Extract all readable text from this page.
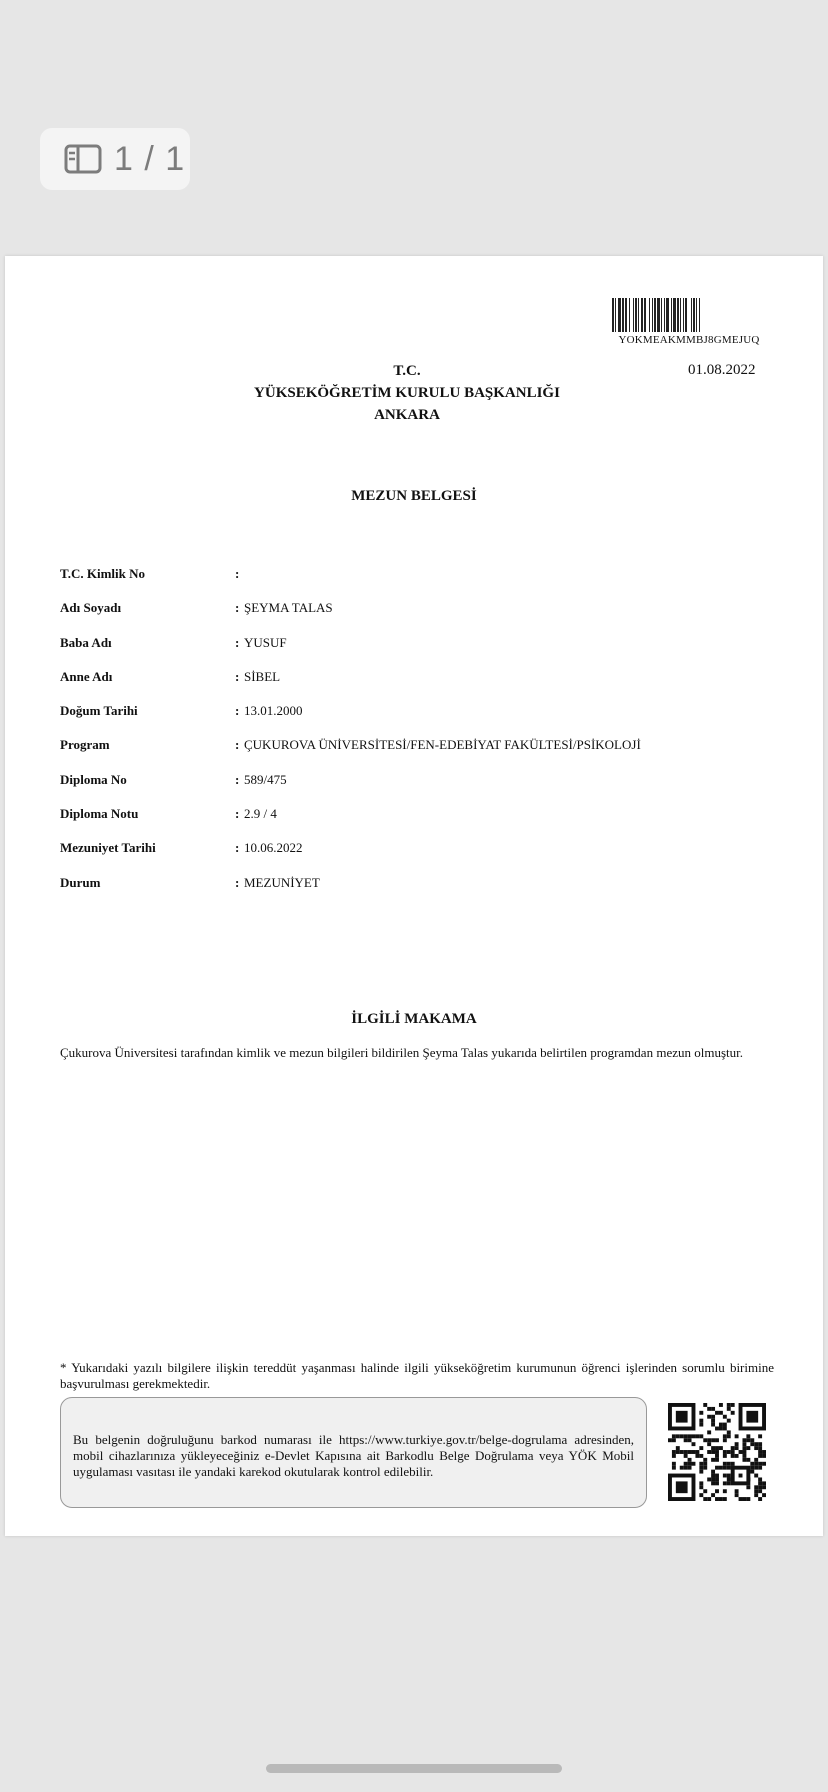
1 / 1
YOKMEAKMMBJ8GMEJUQ
01.08.2022
T.C.
YÜKSEKÖĞRETİM KURULU BAŞKANLIĞI
ANKARA
MEZUN BELGESİ
T.C. Kimlik No	:
Adı Soyadı	: ŞEYMA TALAS
Baba Adı	: YUSUF
Anne Adı	: SİBEL
Doğum Tarihi	: 13.01.2000
Program	: ÇUKUROVA ÜNİVERSİTESİ/FEN-EDEBİYAT FAKÜLTESİ/PSİKOLOJİ
Diploma No	: 589/475
Diploma Notu	: 2.9 / 4
Mezuniyet Tarihi	: 10.06.2022
Durum	: MEZUNİYET
İLGİLİ MAKAMA
Çukurova Üniversitesi tarafından kimlik ve mezun bilgileri bildirilen Şeyma Talas yukarıda belirtilen programdan mezun olmuştur.
* Yukarıdaki yazılı bilgilere ilişkin tereddüt yaşanması halinde ilgili yükseköğretim kurumunun öğrenci işlerinden sorumlu birimine başvurulması gerekmektedir.
Bu belgenin doğruluğunu barkod numarası ile https://www.turkiye.gov.tr/belge-dogrulama adresinden, mobil cihazlarınıza yükleyeceğiniz e-Devlet Kapısına ait Barkodlu Belge Doğrulama veya YÖK Mobil uygulaması vasıtası ile yandaki karekod okutularak kontrol edilebilir.
